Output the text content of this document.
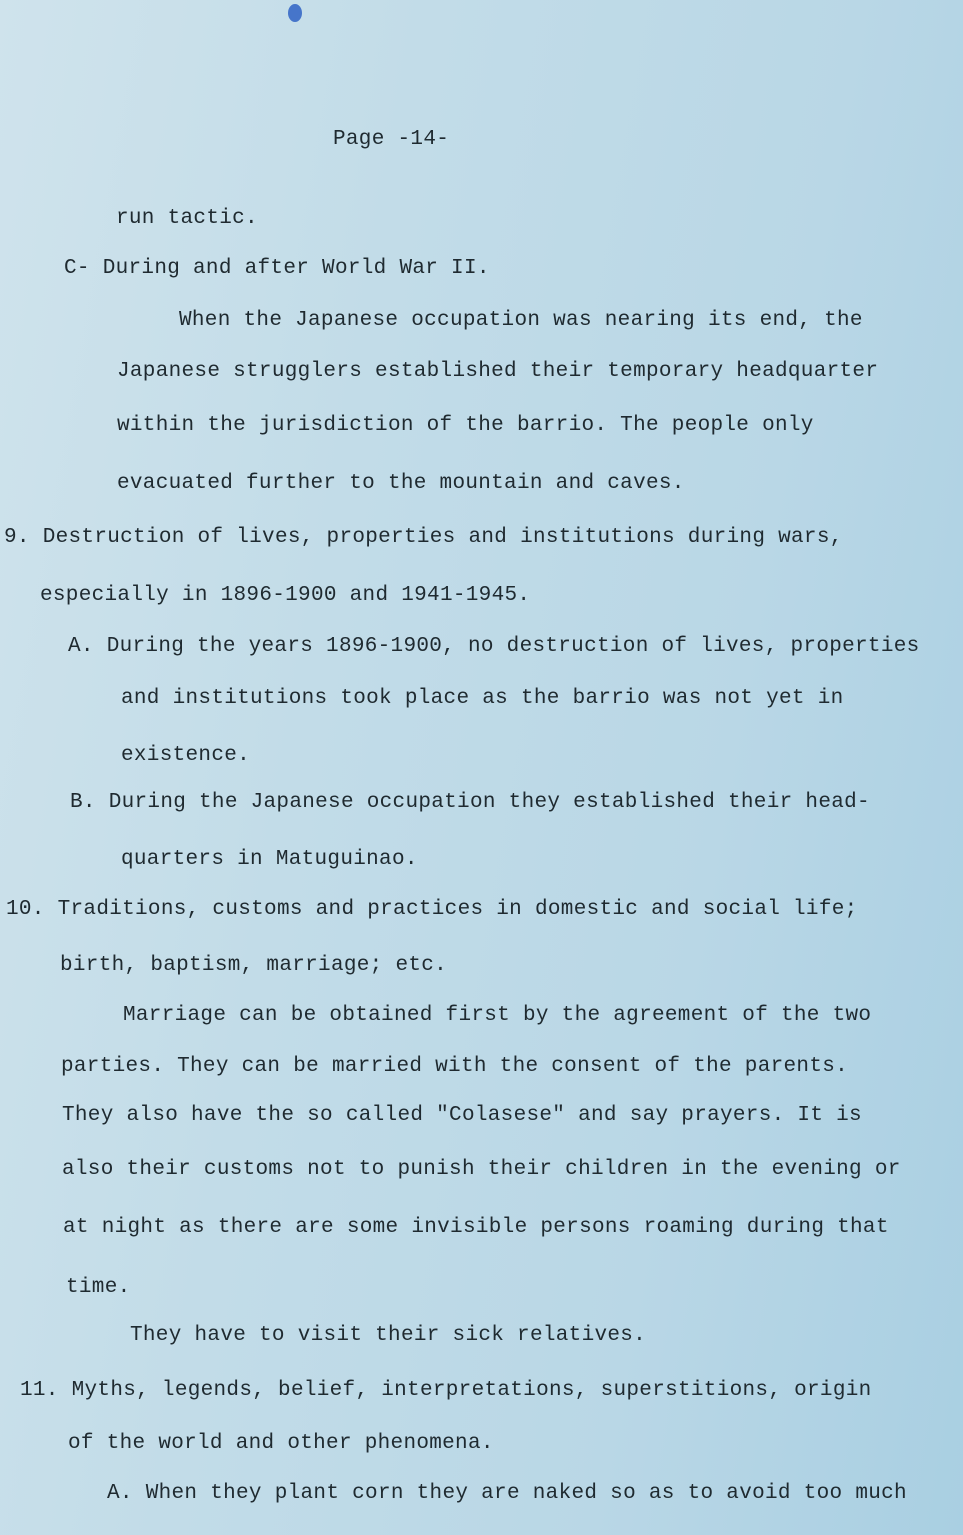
Page -14-
run tactic.
C- During and after World War II.
When the Japanese occupation was nearing its end, the
Japanese strugglers established their temporary headquarter
within the jurisdiction of the barrio. The people only
evacuated further to the mountain and caves.
9. Destruction of lives, properties and institutions during wars,
especially in 1896-1900 and 1941-1945.
A. During the years 1896-1900, no destruction of lives, properties
and institutions took place as the barrio was not yet in
existence.
B. During the Japanese occupation they established their head-
quarters in Matuguinao.
10. Traditions, customs and practices in domestic and social life;
birth, baptism, marriage; etc.
Marriage can be obtained first by the agreement of the two
parties. They can be married with the consent of the parents.
They also have the so called "Colasese" and say prayers. It is
also their customs not to punish their children in the evening or
at night as there are some invisible persons roaming during that
time.
They have to visit their sick relatives.
11. Myths, legends, belief, interpretations, superstitions, origin
of the world and other phenomena.
A. When they plant corn they are naked so as to avoid too much
